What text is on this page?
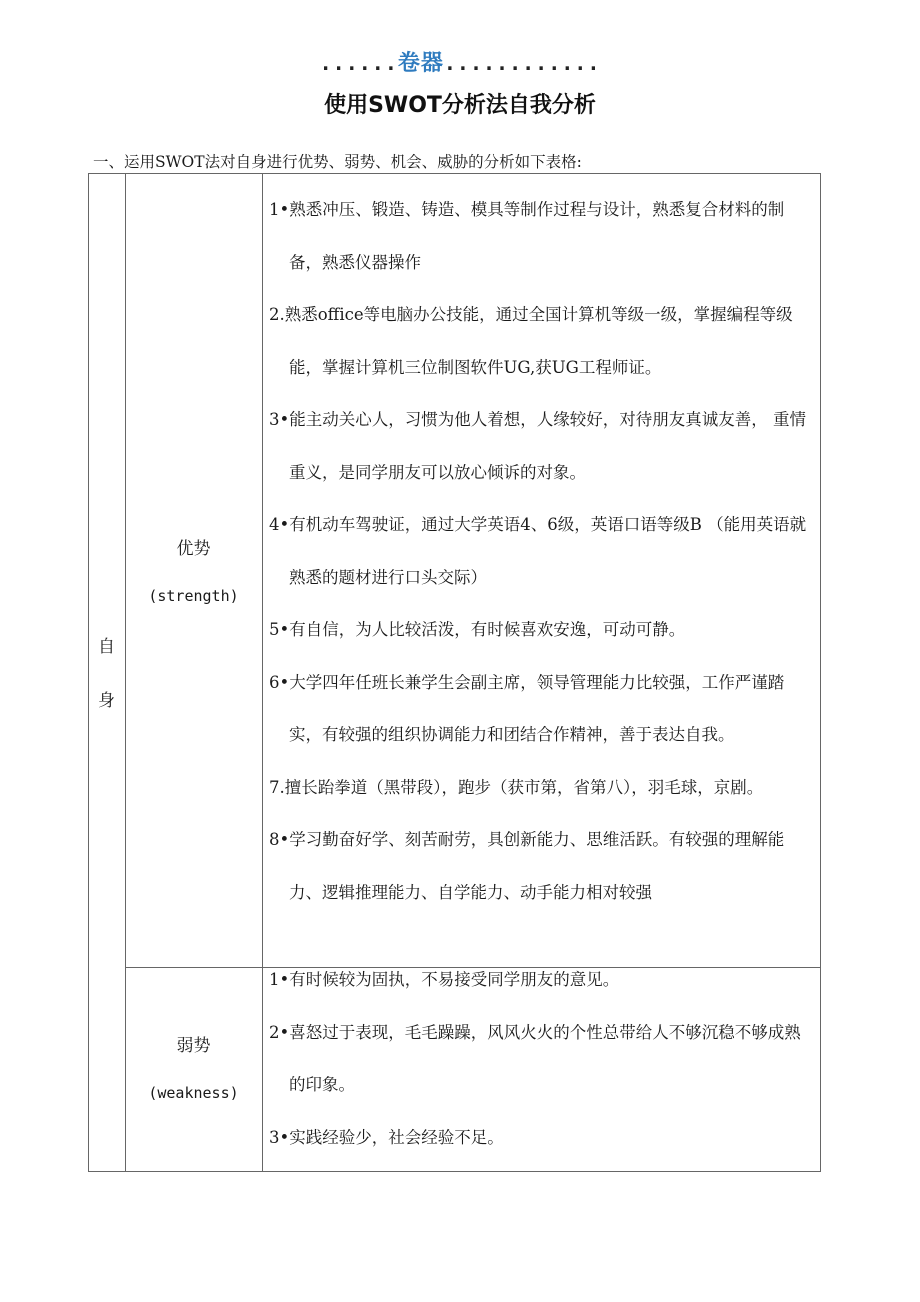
......卷器............
使用SWOT分析法自我分析
一、运用SWOT法对自身进行优势、弱势、机会、威胁的分析如下表格:
自
身
优势
(strength)

1•熟悉冲压、锻造、铸造、模具等制作过程与设计，熟悉复合材料的制备，熟悉仪器操作

2.熟悉office等电脑办公技能，通过全国计算机等级一级，掌握编程等级能，掌握计算机三位制图软件UG,获UG工程师证。

3•能主动关心人，习惯为他人着想，人缘较好，对待朋友真诚友善， 重情重义，是同学朋友可以放心倾诉的对象。

4•有机动车驾驶证，通过大学英语4、6级，英语口语等级B （能用英语就熟悉的题材进行口头交际）

5•有自信，为人比较活泼，有时候喜欢安逸，可动可静。

6•大学四年任班长兼学生会副主席，领导管理能力比较强，工作严谨踏实，有较强的组织协调能力和团结合作精神，善于表达自我。

7.擅长跆拳道（黑带段），跑步（获市第，省第八），羽毛球，京剧。

8•学习勤奋好学、刻苦耐劳，具创新能力、思维活跃。有较强的理解能力、逻辑推理能力、自学能力、动手能力相对较强

弱势
(weakness)

1•有时候较为固执，不易接受同学朋友的意见。

2•喜怒过于表现，毛毛躁躁，风风火火的个性总带给人不够沉稳不够成熟的印象。

3•实践经验少，社会经验不足。
